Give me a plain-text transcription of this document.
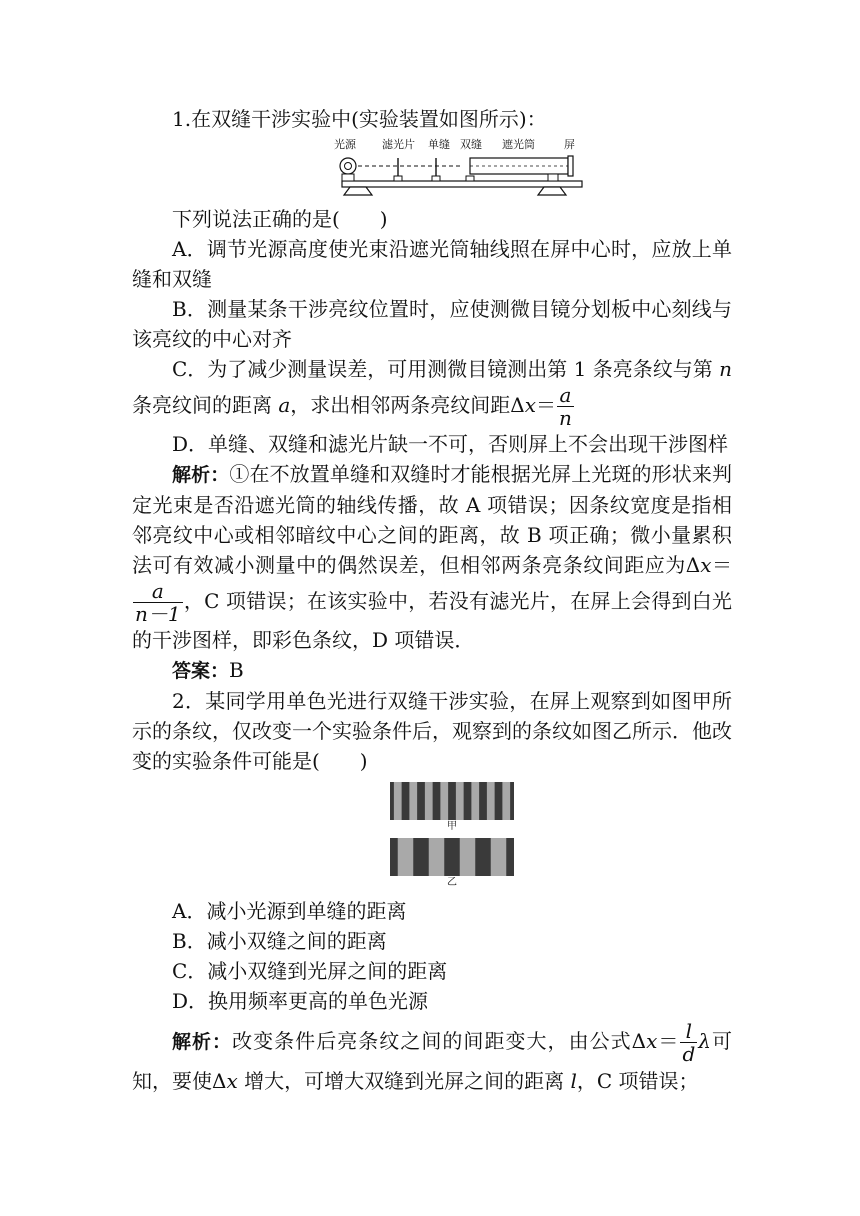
1.在双缝干涉实验中(实验装置如图所示)：
光源 滤光片 单缝 双缝 遮光筒	屏
下列说法正确的是(　　)
A．调节光源高度使光束沿遮光筒轴线照在屏中心时，应放上单缝和双缝
B．测量某条干涉亮纹位置时，应使测微目镜分划板中心刻线与该亮纹的中心对齐
C．为了减少测量误差，可用测微目镜测出第 1 条亮条纹与第 n 条亮纹间的距离 a，求出相邻两条亮纹间距$\Delta x= \frac{a}{n}$
D．单缝、双缝和滤光片缺一不可，否则屏上不会出现干涉图样
解析：①在不放置单缝和双缝时才能根据光屏上光斑的形状来判定光束是否沿遮光筒的轴线传播，故 A 项错误；因条纹宽度是指相邻亮纹中心或相邻暗纹中心之间的距离，故 B 项正确；微小量累积法可有效减小测量中的偶然误差，但相邻两条亮条纹间距应为Δx＝
$\frac{a}{n-1}$ ，C 项错误；在该实验中，若没有滤光片，在屏上会得到白光的干涉图样，即彩色条纹，D 项错误．
答案：B
2．某同学用单色光进行双缝干涉实验，在屏上观察到如图甲所示的条纹，仅改变一个实验条件后，观察到的条纹如图乙所示．他改变的实验条件可能是(　　)
甲
乙
A．减小光源到单缝的距离
B．减小双缝之间的距离
C．减小双缝到光屏之间的距离
D．换用频率更高的单色光源
解析：改变条件后亮条纹之间的间距变大，由公式$\Delta x= \frac{l}{d}$ λ可知，要使Δx 增大，可增大双缝到光屏之间的距离 l，C 项错误；
